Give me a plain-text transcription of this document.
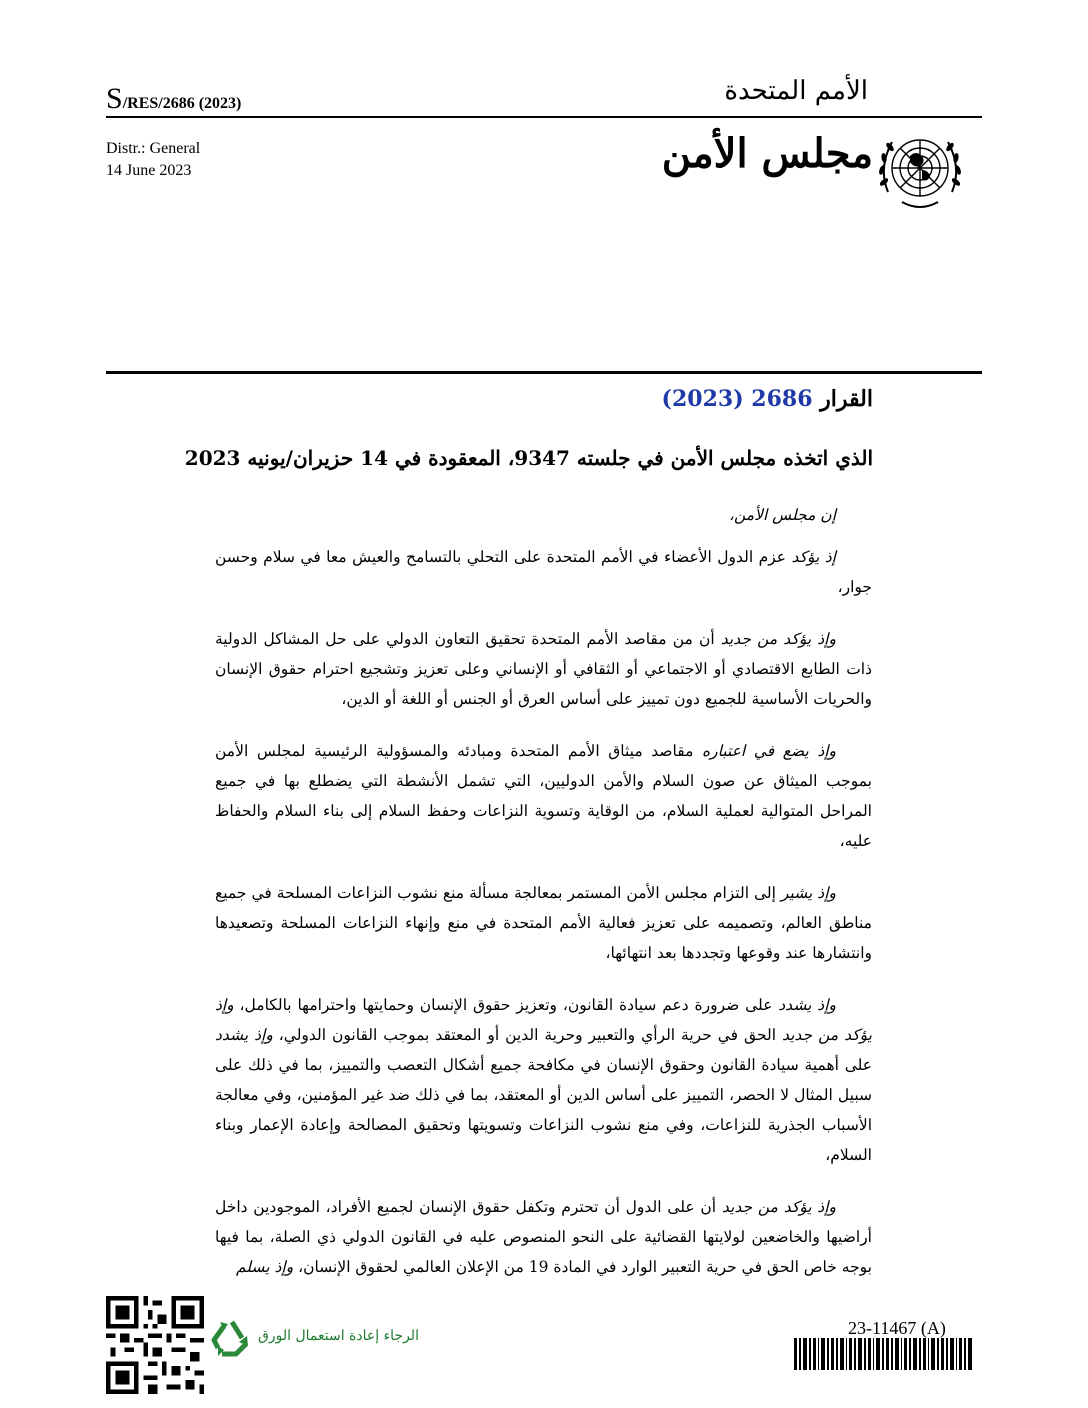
S/RES/2686 (2023)	الأمم المتحدة
Distr.: General
14 June 2023	مجلس الأمن
القرار 2686 (2023)
الذي اتخذه مجلس الأمن في جلسته 9347، المعقودة في 14 حزيران/يونيه 2023

إن مجلس الأمن،

إذ يؤكد عزم الدول الأعضاء في الأمم المتحدة على التحلي بالتسامح والعيش معا في سلام وحسن جوار،

وإذ يؤكد من جديد أن من مقاصد الأمم المتحدة تحقيق التعاون الدولي على حل المشاكل الدولية ذات الطابع الاقتصادي أو الاجتماعي أو الثقافي أو الإنساني وعلى تعزيز وتشجيع احترام حقوق الإنسان والحريات الأساسية للجميع دون تمييز على أساس العرق أو الجنس أو اللغة أو الدين،

وإذ يضع في اعتباره مقاصد ميثاق الأمم المتحدة ومبادئه والمسؤولية الرئيسية لمجلس الأمن بموجب الميثاق عن صون السلام والأمن الدوليين، التي تشمل الأنشطة التي يضطلع بها في جميع المراحل المتوالية لعملية السلام، من الوقاية وتسوية النزاعات وحفظ السلام إلى بناء السلام والحفاظ عليه،

وإذ يشير إلى التزام مجلس الأمن المستمر بمعالجة مسألة منع نشوب النزاعات المسلحة في جميع مناطق العالم، وتصميمه على تعزيز فعالية الأمم المتحدة في منع وإنهاء النزاعات المسلحة وتصعيدها وانتشارها عند وقوعها وتجددها بعد انتهائها،

وإذ يشدد على ضرورة دعم سيادة القانون، وتعزيز حقوق الإنسان وحمايتها واحترامها بالكامل، وإذ يؤكد من جديد الحق في حرية الرأي والتعبير وحرية الدين أو المعتقد بموجب القانون الدولي، وإذ يشدد على أهمية سيادة القانون وحقوق الإنسان في مكافحة جميع أشكال التعصب والتمييز، بما في ذلك على سبيل المثال لا الحصر، التمييز على أساس الدين أو المعتقد، بما في ذلك ضد غير المؤمنين، وفي معالجة الأسباب الجذرية للنزاعات، وفي منع نشوب النزاعات وتسويتها وتحقيق المصالحة وإعادة الإعمار وبناء السلام،

وإذ يؤكد من جديد أن على الدول أن تحترم وتكفل حقوق الإنسان لجميع الأفراد، الموجودين داخل أراضيها والخاضعين لولايتها القضائية على النحو المنصوص عليه في القانون الدولي ذي الصلة، بما فيها بوجه خاص الحق في حرية التعبير الوارد في المادة 19 من الإعلان العالمي لحقوق الإنسان، وإذ يسلم

الرجاء إعادة استعمال الورق	23-11467 (A)
